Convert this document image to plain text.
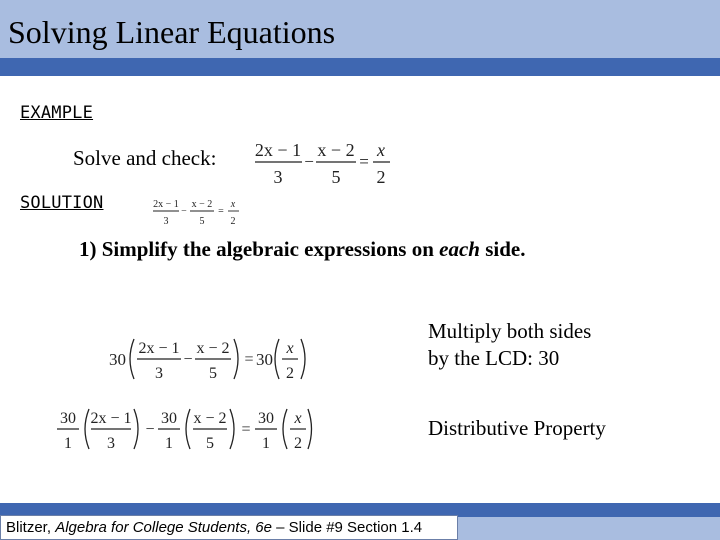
Solving Linear Equations
EXAMPLE
Solve and check: 2x − 1
3
−
x − 2
5
=
x
2
SOLUTION	2x − 1
3
−
x − 2
5
=
x
2
1) Simplify the algebraic expressions on each side.
30
2x − 1
3
−
x − 2
5
= 30
x
2
Multiply both sides
by the LCD: 30
30
1
2x − 1
3
−
30
1
x − 2
5
=
30
1
x
2
Distributive Property
Blitzer, Algebra for College Students, 6e – Slide #9 Section 1.4
